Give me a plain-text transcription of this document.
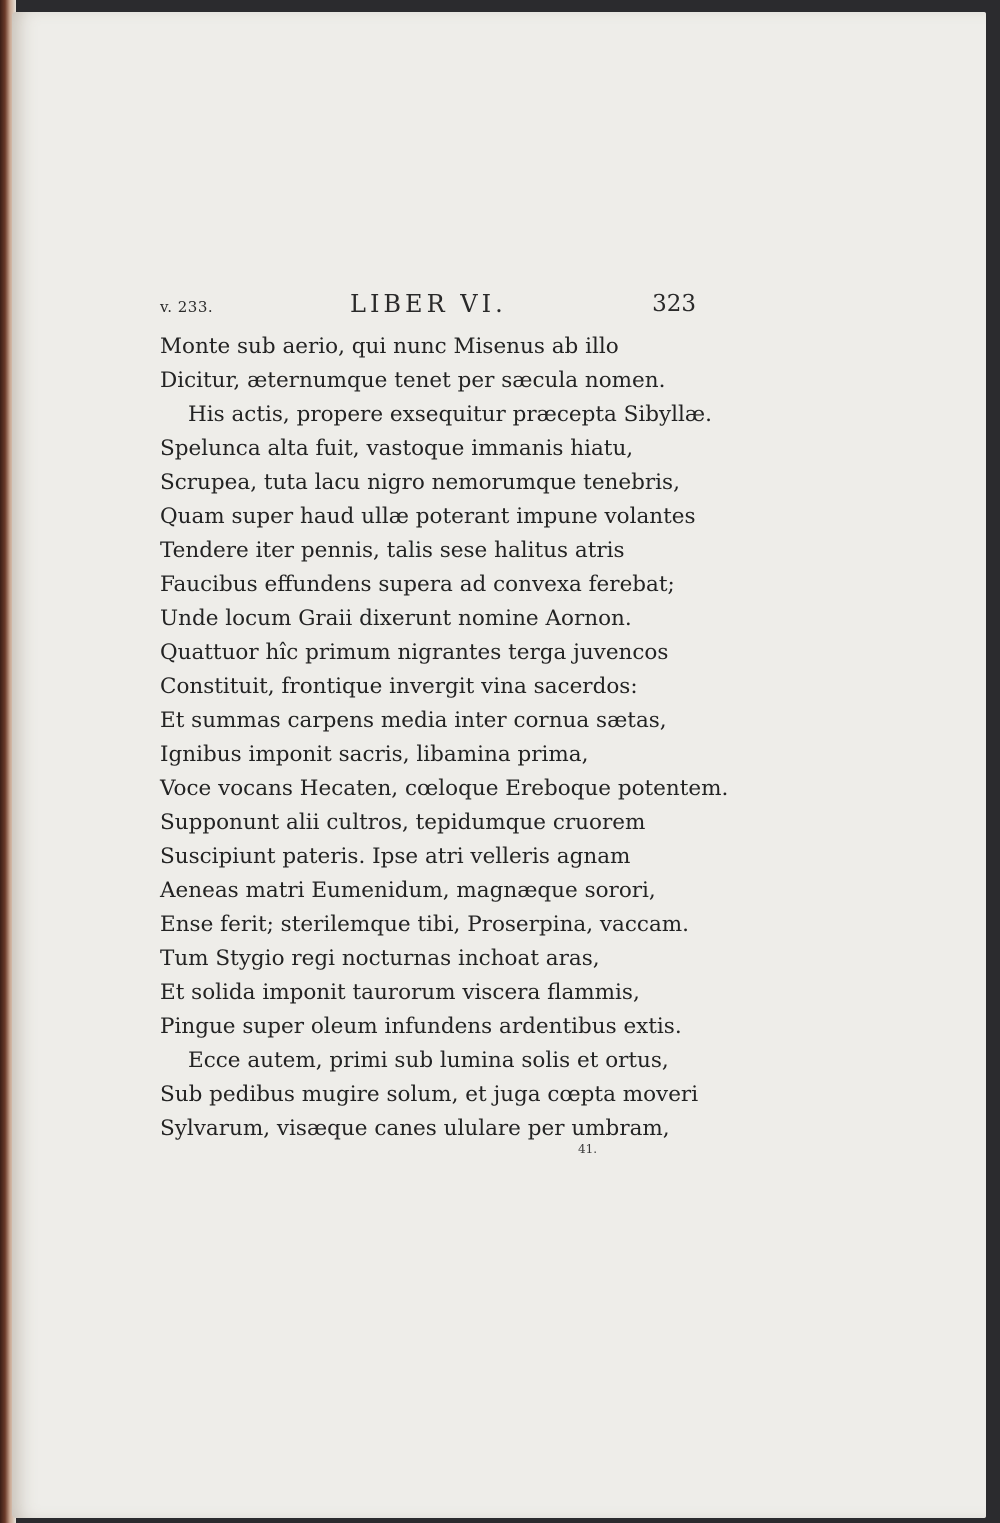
v. 233.	LIBER VI.	323
Monte sub aerio, qui nunc Misenus ab illo
Dicitur, æternumque tenet per sæcula nomen.
His actis, propere exsequitur præcepta Sibyllæ.
Spelunca alta fuit, vastoque immanis hiatu,
Scrupea, tuta lacu nigro nemorumque tenebris,
Quam super haud ullæ poterant impune volantes
Tendere iter pennis, talis sese halitus atris
Faucibus effundens supera ad convexa ferebat;
Unde locum Graii dixerunt nomine Aornon.
Quattuor hîc primum nigrantes terga juvencos
Constituit, frontique invergit vina sacerdos:
Et summas carpens media inter cornua sætas,
Ignibus imponit sacris, libamina prima,
Voce vocans Hecaten, cœloque Ereboque potentem.
Supponunt alii cultros, tepidumque cruorem
Suscipiunt pateris. Ipse atri velleris agnam
Aeneas matri Eumenidum, magnæque sorori,
Ense ferit; sterilemque tibi, Proserpina, vaccam.
Tum Stygio regi nocturnas inchoat aras,
Et solida imponit taurorum viscera flammis,
Pingue super oleum infundens ardentibus extis.
Ecce autem, primi sub lumina solis et ortus,
Sub pedibus mugire solum, et juga cœpta moveri
Sylvarum, visæque canes ululare per umbram,
41.
